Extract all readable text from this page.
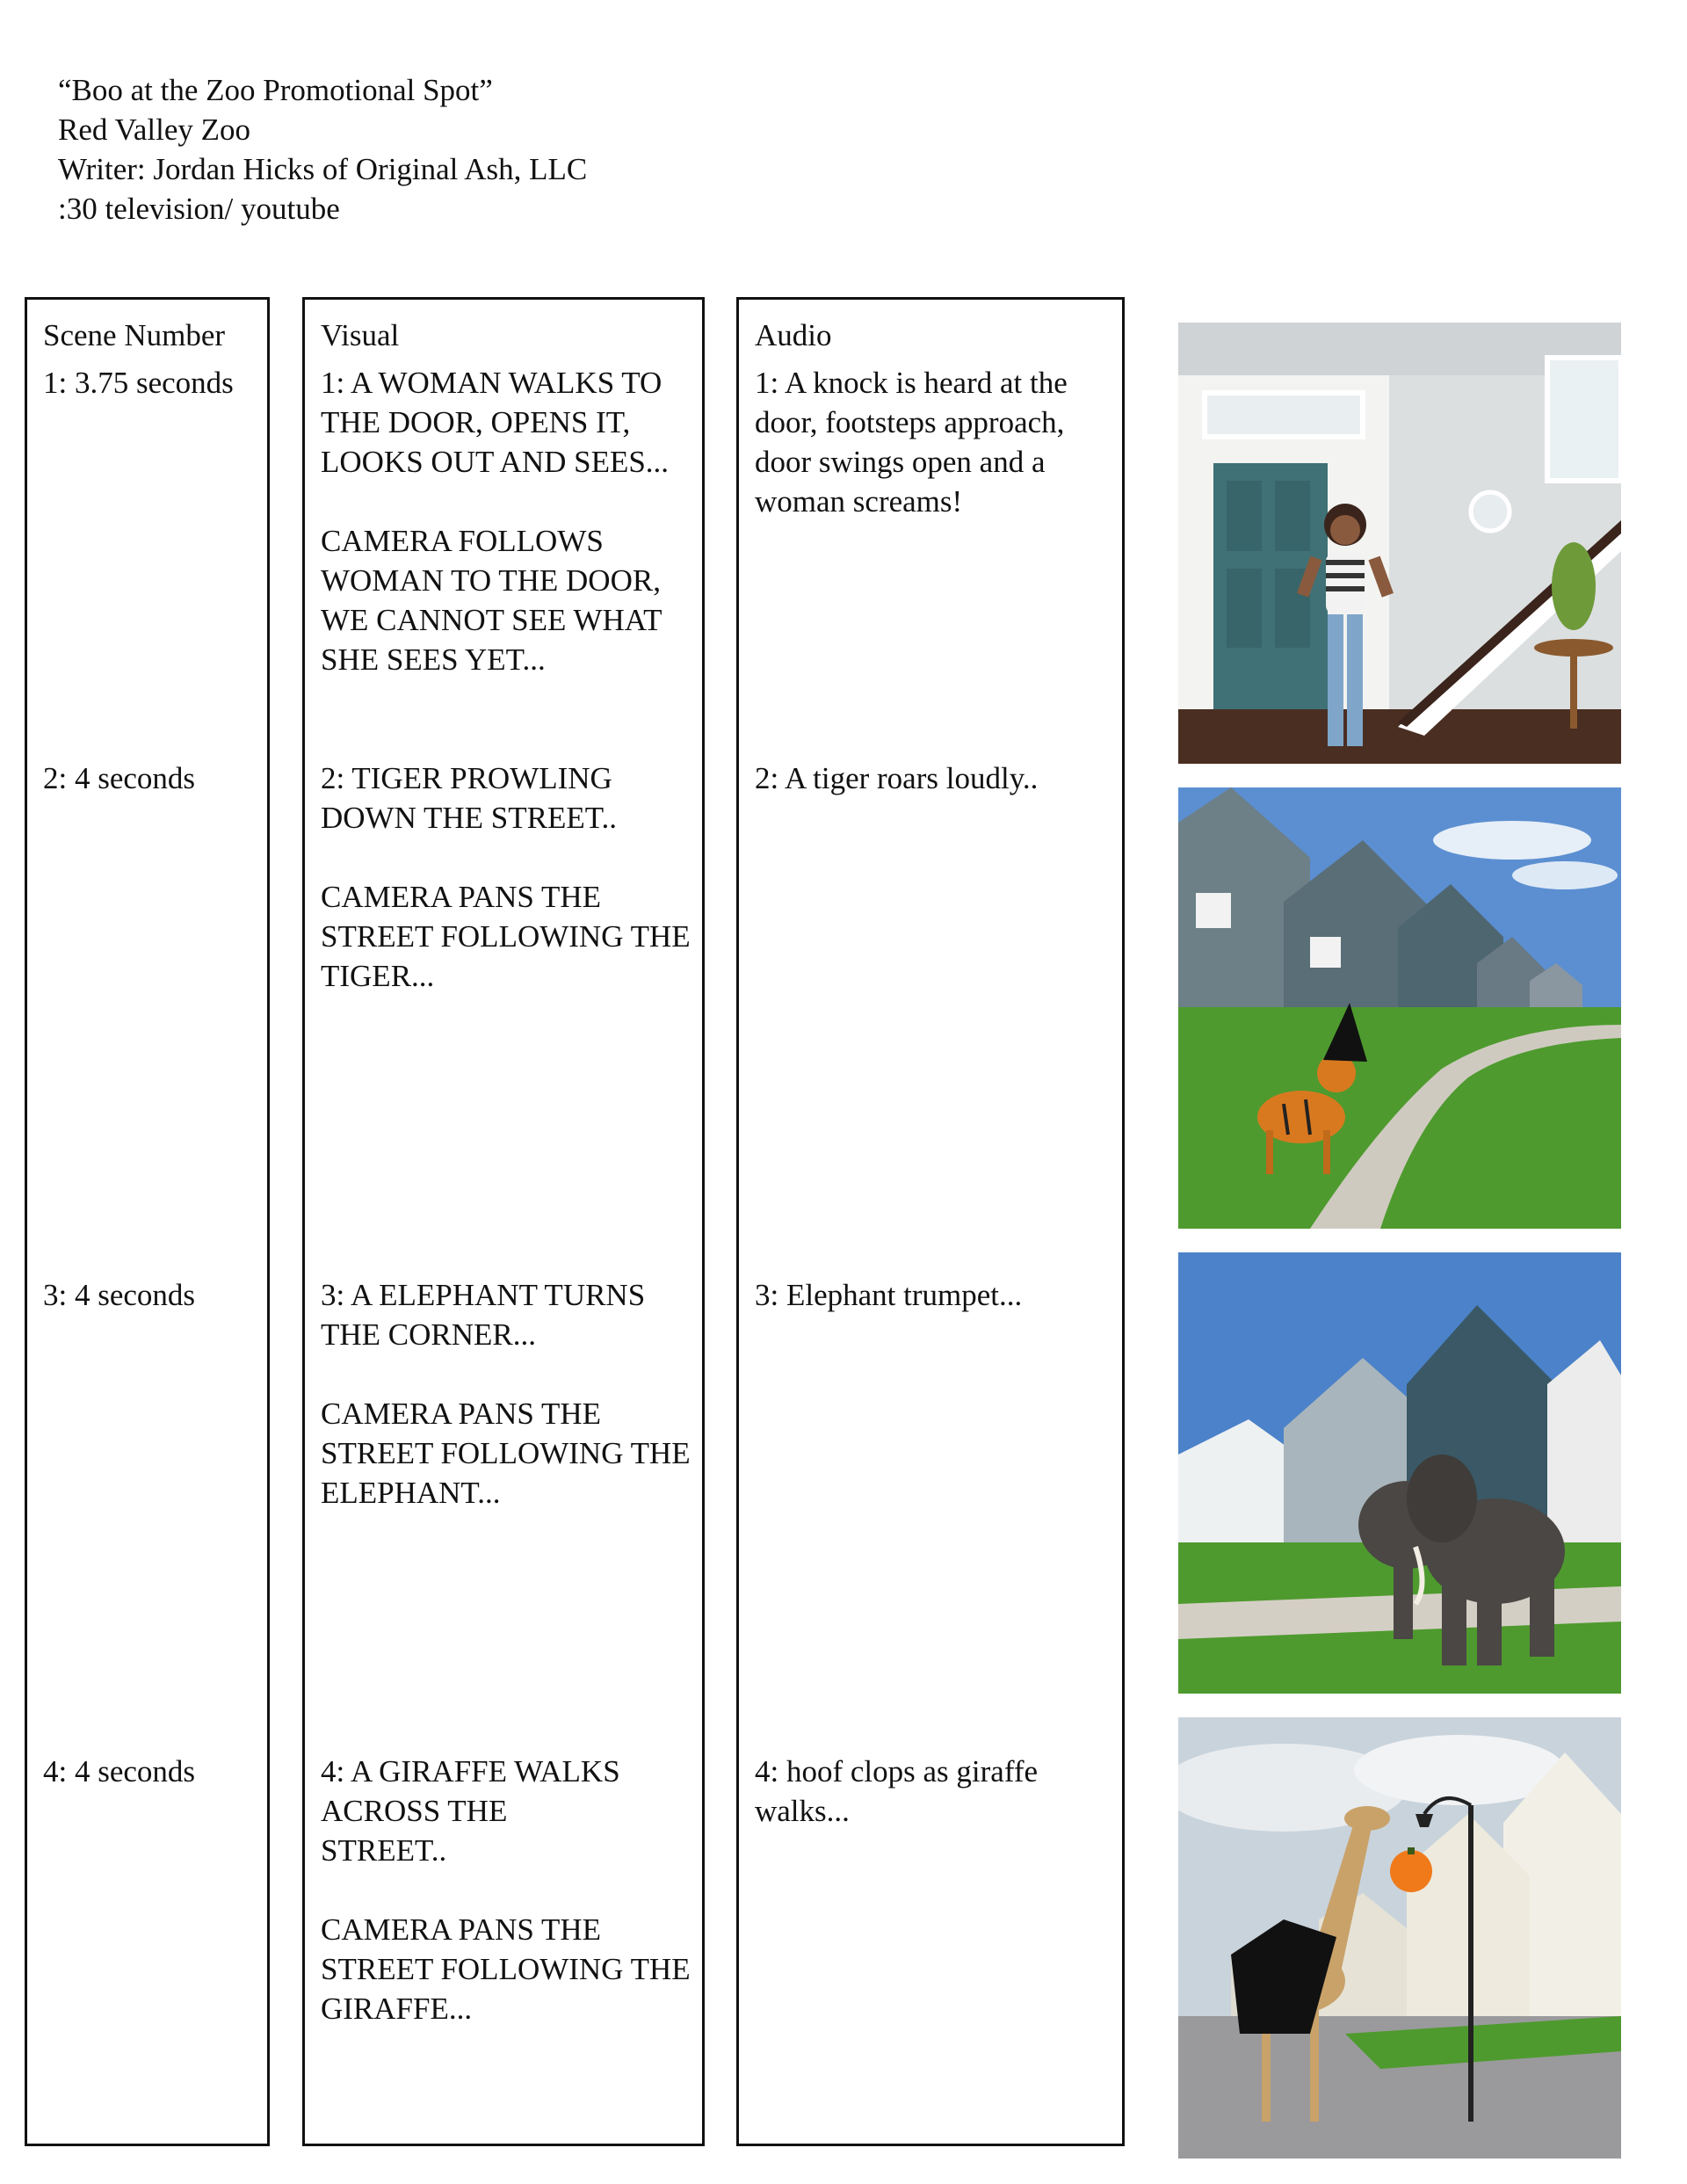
“Boo at the Zoo Promotional Spot”
Red Valley Zoo
Writer: Jordan Hicks of Original Ash, LLC
:30 television/ youtube
Scene Number
1: 3.75 seconds
2: 4 seconds
3: 4 seconds
4: 4 seconds
Visual

1: A WOMAN WALKS TO THE DOOR, OPENS IT, LOOKS OUT AND SEES...

CAMERA FOLLOWS WOMAN TO THE DOOR, WE CANNOT SEE WHAT SHE SEES YET...

2: TIGER PROWLING DOWN THE STREET..

CAMERA PANS THE STREET FOLLOWING THE TIGER...

3: A ELEPHANT TURNS THE CORNER...

CAMERA PANS THE STREET FOLLOWING THE ELEPHANT...

4: A GIRAFFE WALKS ACROSS THE STREET..

CAMERA PANS THE STREET FOLLOWING THE GIRAFFE...

Audio
1: A knock is heard at the door, footsteps approach, door swings open and a woman screams!
2: A tiger roars loudly..
3: Elephant trumpet...
4: hoof clops as giraffe walks...
